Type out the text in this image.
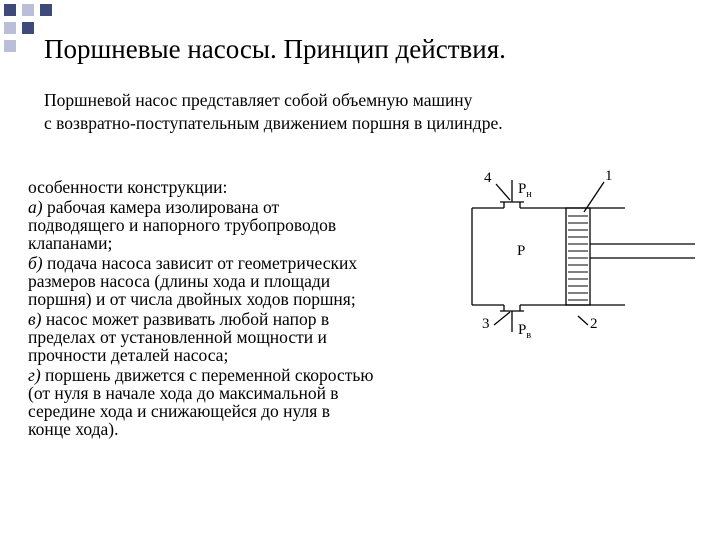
Поршневые насосы. Принцип действия.
Поршневой насос представляет собой объемную машину
с возвратно-поступательным движением поршня в цилиндре.
особенности конструкции:
а) рабочая камера изолирована от
подводящего и напорного трубопроводов
клапанами;
б) подача насоса зависит от геометрических
размеров насоса (длины хода и площади
поршня) и от числа двойных ходов поршня;
в) насос может развивать любой напор в
пределах от установленной мощности и
прочности деталей насоса;
г) поршень движется с переменной скоростью
(от нуля в начале хода до максимальной в
середине хода и снижающейся до нуля в
конце хода).
4	1
3	2
P
$P_н$
$P_в$
